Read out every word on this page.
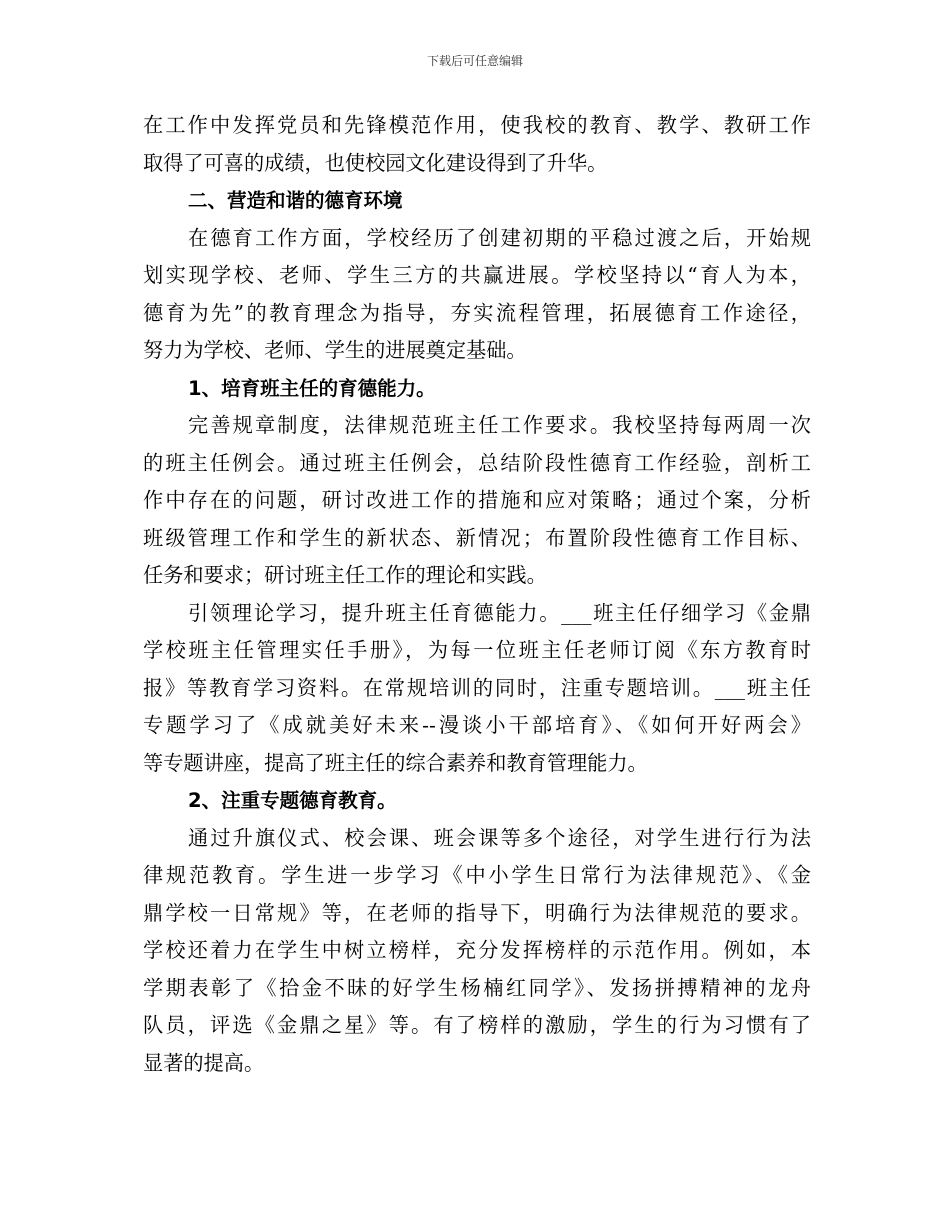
下载后可任意编辑
在工作中发挥党员和先锋模范作用，使我校的教育、教学、教研工作
取得了可喜的成绩，也使校园文化建设得到了升华。
二、营造和谐的德育环境
在德育工作方面，学校经历了创建初期的平稳过渡之后，开始规
划实现学校、老师、学生三方的共赢进展。学校坚持以“育人为本，
德育为先”的教育理念为指导，夯实流程管理，拓展德育工作途径，
努力为学校、老师、学生的进展奠定基础。
1、培育班主任的育德能力。
完善规章制度，法律规范班主任工作要求。我校坚持每两周一次
的班主任例会。通过班主任例会，总结阶段性德育工作经验，剖析工
作中存在的问题，研讨改进工作的措施和应对策略；通过个案，分析
班级管理工作和学生的新状态、新情况；布置阶段性德育工作目标、
任务和要求；研讨班主任工作的理论和实践。
引领理论学习，提升班主任育德能力。___班主任仔细学习《金鼎
学校班主任管理实任手册》，为每一位班主任老师订阅《东方教育时
报》等教育学习资料。在常规培训的同时，注重专题培训。___班主任
专题学习了《成就美好未来--漫谈小干部培育》、《如何开好两会》
等专题讲座，提高了班主任的综合素养和教育管理能力。
2、注重专题德育教育。
通过升旗仪式、校会课、班会课等多个途径，对学生进行行为法
律规范教育。学生进一步学习《中小学生日常行为法律规范》、《金
鼎学校一日常规》等，在老师的指导下，明确行为法律规范的要求。
学校还着力在学生中树立榜样，充分发挥榜样的示范作用。例如，本
学期表彰了《拾金不昧的好学生杨楠红同学》、发扬拼搏精神的龙舟
队员，评选《金鼎之星》等。有了榜样的激励，学生的行为习惯有了
显著的提高。
